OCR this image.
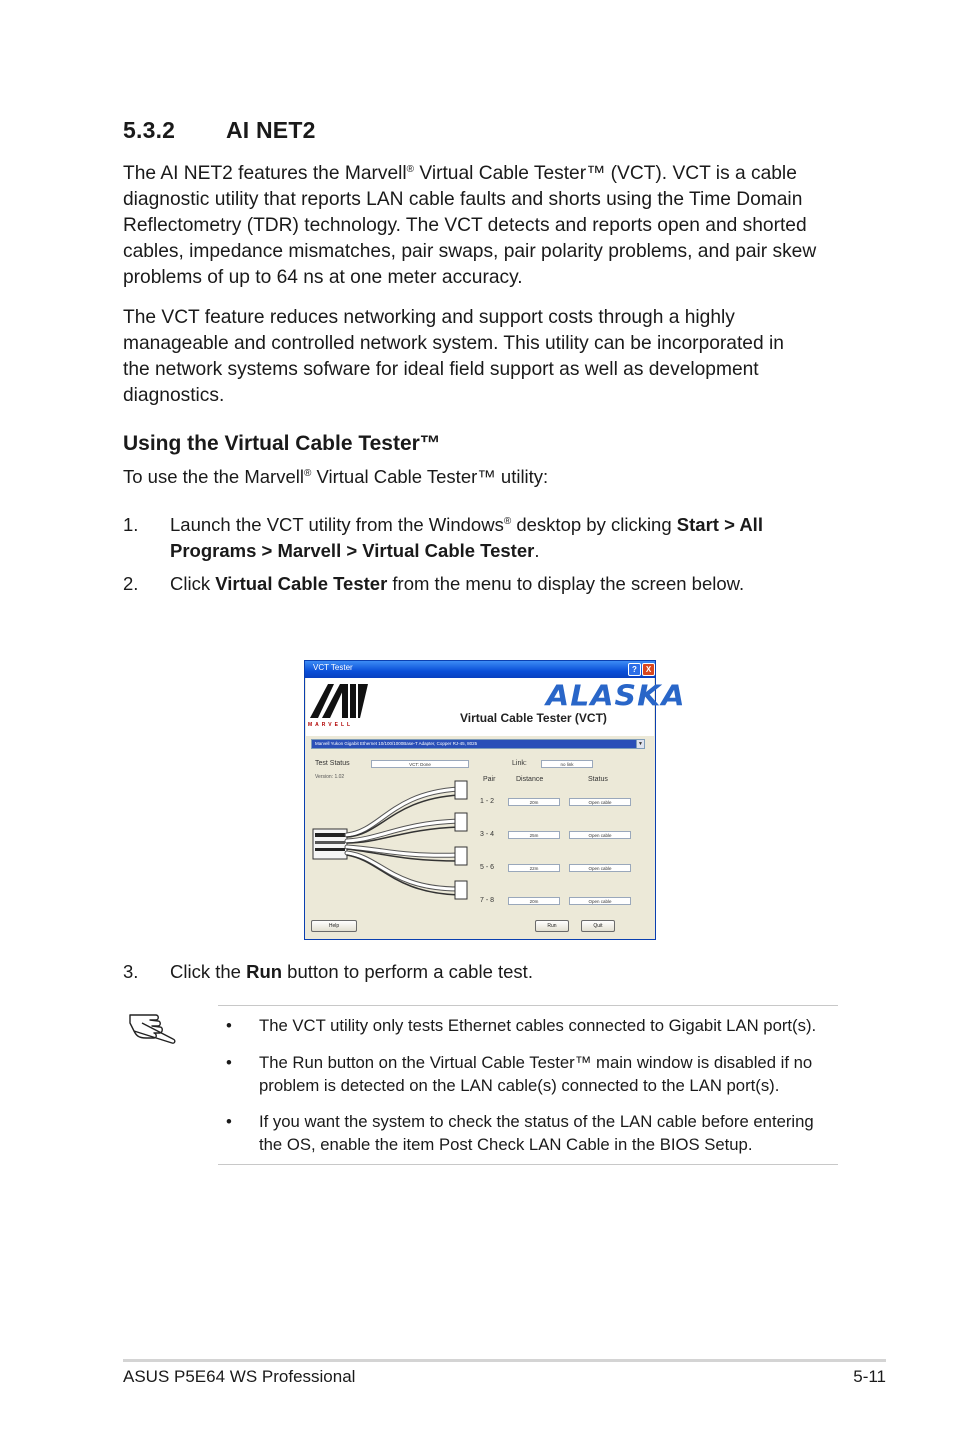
5.3.2 AI NET2
The AI NET2 features the Marvell® Virtual Cable Tester™ (VCT). VCT is a cable diagnostic utility that reports LAN cable faults and shorts using the Time Domain Reflectometry (TDR) technology. The VCT detects and reports open and shorted cables, impedance mismatches, pair swaps, pair polarity problems, and pair skew problems of up to 64 ns at one meter accuracy.
The VCT feature reduces networking and support costs through a highly manageable and controlled network system. This utility can be incorporated in the network systems sofware for ideal field support as well as development diagnostics.
Using the Virtual Cable Tester™
To use the the Marvell® Virtual Cable Tester™ utility:
1. Launch the VCT utility from the Windows® desktop by clicking Start > All Programs > Marvell > Virtual Cable Tester.
2. Click Virtual Cable Tester from the menu to display the screen below.
VCT Tester	?	X
MARVELL
ALASKA
Virtual Cable Tester (VCT)
Marvell Yukon Gigabit Ethernet 10/100/1000Base-T Adapter, Copper RJ-45, 8025	▼
Test Status	VCT: Done
Version: 1.02
Link:	no link
Pair	Distance	Status
1 - 2	20m	Open cable
3 - 4	25m	Open cable
5 - 6	22m	Open cable
7 - 8	20m	Open cable
Help	Run	Quit
3. Click the Run button to perform a cable test.
• The VCT utility only tests Ethernet cables connected to Gigabit LAN port(s).
• The Run button on the Virtual Cable Tester™ main window is disabled if no problem is detected on the LAN cable(s) connected to the LAN port(s).
• If you want the system to check the status of the LAN cable before entering the OS, enable the item Post Check LAN Cable in the BIOS Setup.
ASUS P5E64 WS Professional	5-11
